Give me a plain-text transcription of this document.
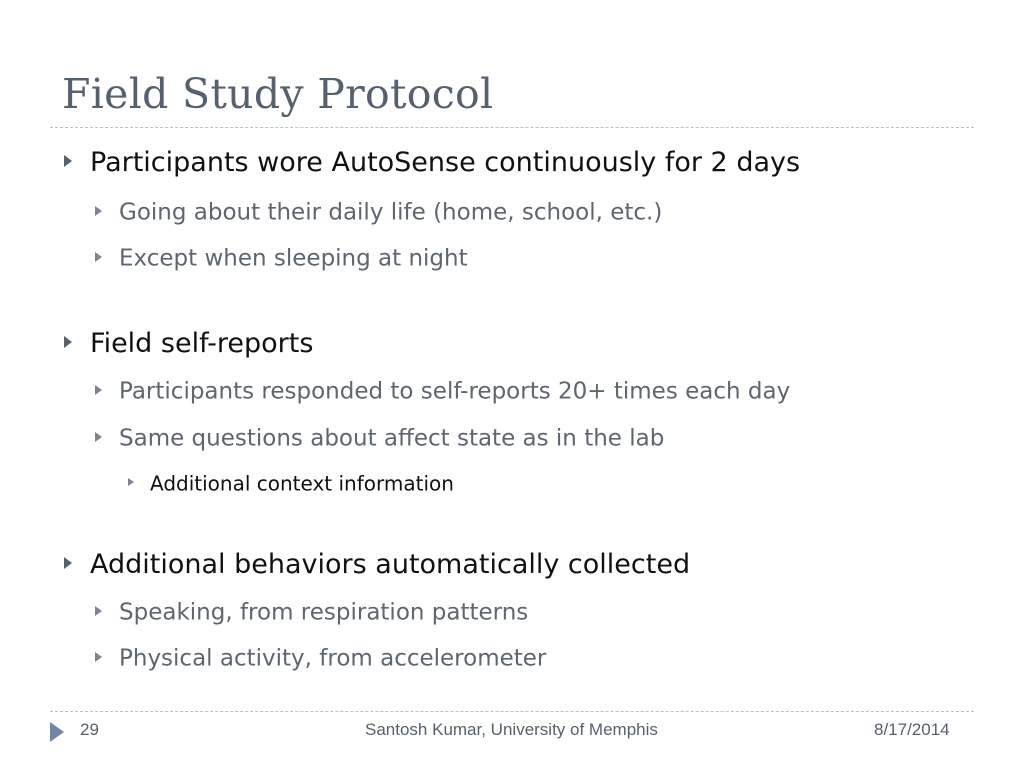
Field Study Protocol
Participants wore AutoSense continuously for 2 days
Going about their daily life (home, school, etc.)
Except when sleeping at night
Field self-reports
Participants responded to self-reports 20+ times each day
Same questions about affect state as in the lab
Additional context information
Additional behaviors automatically collected
Speaking, from respiration patterns
Physical activity, from accelerometer
29	Santosh Kumar, University of Memphis	8/17/2014
